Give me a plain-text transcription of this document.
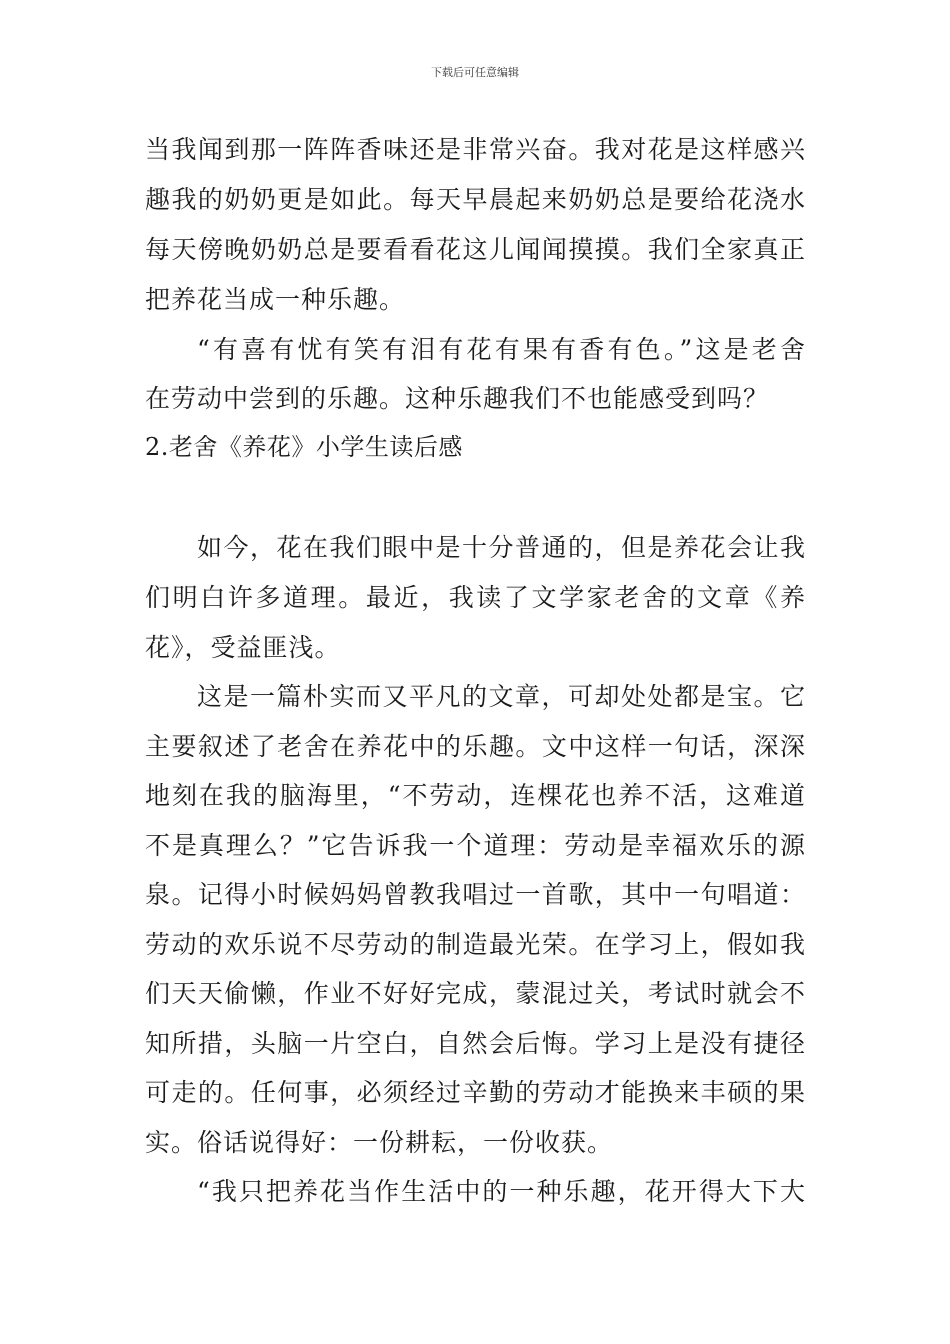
下载后可任意编辑
当我闻到那一阵阵香味还是非常兴奋。我对花是这样感兴
趣我的奶奶更是如此。每天早晨起来奶奶总是要给花浇水
每天傍晚奶奶总是要看看花这儿闻闻摸摸。我们全家真正
把养花当成一种乐趣。
“有喜有忧有笑有泪有花有果有香有色。”这是老舍
在劳动中尝到的乐趣。这种乐趣我们不也能感受到吗？
2.老舍《养花》小学生读后感
如今，花在我们眼中是十分普通的，但是养花会让我
们明白许多道理。最近，我读了文学家老舍的文章《养
花》，受益匪浅。
这是一篇朴实而又平凡的文章，可却处处都是宝。它
主要叙述了老舍在养花中的乐趣。文中这样一句话，深深
地刻在我的脑海里，“不劳动，连棵花也养不活，这难道
不是真理么？”它告诉我一个道理：劳动是幸福欢乐的源
泉。记得小时候妈妈曾教我唱过一首歌，其中一句唱道：
劳动的欢乐说不尽劳动的制造最光荣。在学习上，假如我
们天天偷懒，作业不好好完成，蒙混过关，考试时就会不
知所措，头脑一片空白，自然会后悔。学习上是没有捷径
可走的。任何事，必须经过辛勤的劳动才能换来丰硕的果
实。俗话说得好：一份耕耘，一份收获。
“我只把养花当作生活中的一种乐趣，花开得大下大
